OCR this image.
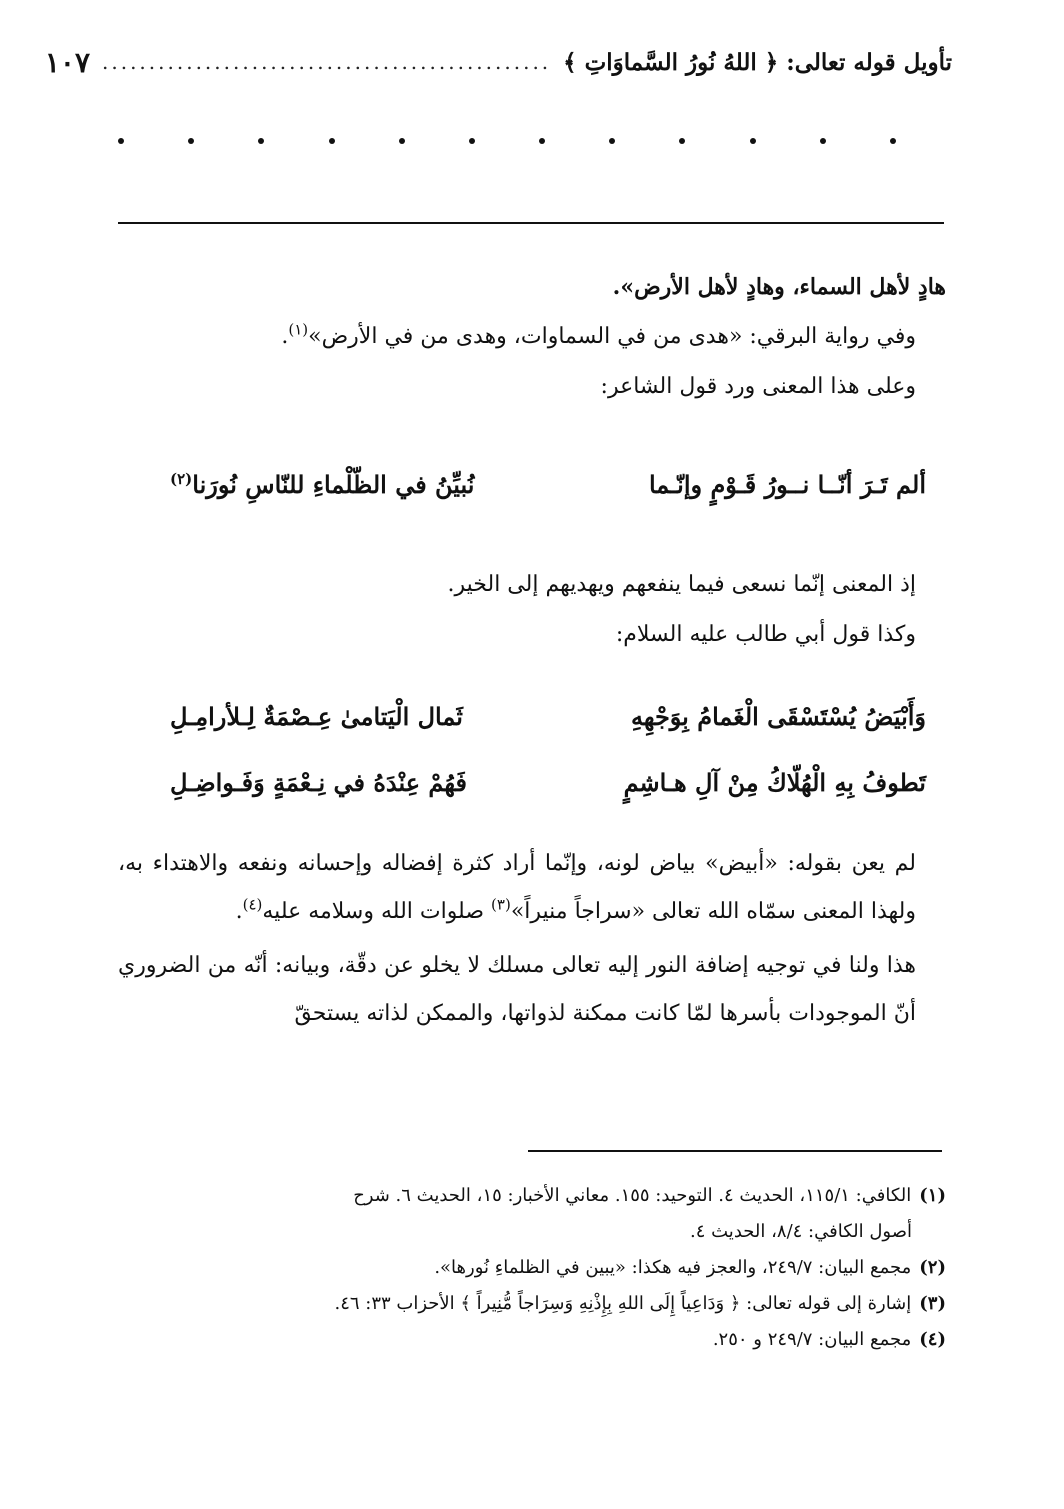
تأويل قوله تعالى: ﴿ اللهُ نُورُ السَّماوَاتِ ﴾
................................................
١٠٧

هادٍ لأهل السماء، وهادٍ لأهل الأرض».

وفي رواية البرقي: «هدى من في السماوات، وهدى من في الأرض»$^{(١)}$.

وعلى هذا المعنى ورد قول الشاعر:

ألم تَـرَ أنّــا نــورُ قَـوْمٍ وإنّـما
نُبيِّنُ في الظّلْماءِ للنّاسِ نُورَنا$^{(٢)}$

إذ المعنى إنّما نسعى فيما ينفعهم ويهديهم إلى الخير.

وكذا قول أبي طالب عليه السلام:

وَأَبْيَضُ يُسْتَسْقَى الْغَمامُ بِوَجْهِهِ
ثَمال الْيَتامىٰ عِـصْمَةٌ لِـلأرامِـلِ
تَطوفُ بِهِ الْهُلّاكُ مِنْ آلِ هـاشِمٍ
فَهُمْ عِنْدَهُ في نِـعْمَةٍ وَفَـواضِـلِ

لم يعن بقوله: «أبيض» بياض لونه، وإنّما أراد كثرة إفضاله وإحسانه ونفعه والاهتداء به، ولهذا المعنى سمّاه الله تعالى «سراجاً منيراً»$^{(٣)}$ صلوات الله وسلامه عليه$^{(٤)}$.

هذا ولنا في توجيه إضافة النور إليه تعالى مسلك لا يخلو عن دقّة، وبيانه: أنّه من الضروري أنّ الموجودات بأسرها لمّا كانت ممكنة لذواتها، والممكن لذاته يستحقّ

(١)الكافي: ١١٥/١، الحديث ٤. التوحيد: ١٥٥. معاني الأخبار: ١٥، الحديث ٦. شرح

أصول الكافي: ٨/٤، الحديث ٤.

(٢)مجمع البيان: ٢٤٩/٧، والعجز فيه هكذا: «يبين في الظلماءِ نُورها».

(٣)إشارة إلى قوله تعالى: ﴿ وَدَاعِياً إِلَى اللهِ بِإِذْنِهِ وَسِرَاجاً مُّنِيراً ﴾ الأحزاب ٣٣: ٤٦.

(٤)مجمع البيان: ٢٤٩/٧ و ٢٥٠.
